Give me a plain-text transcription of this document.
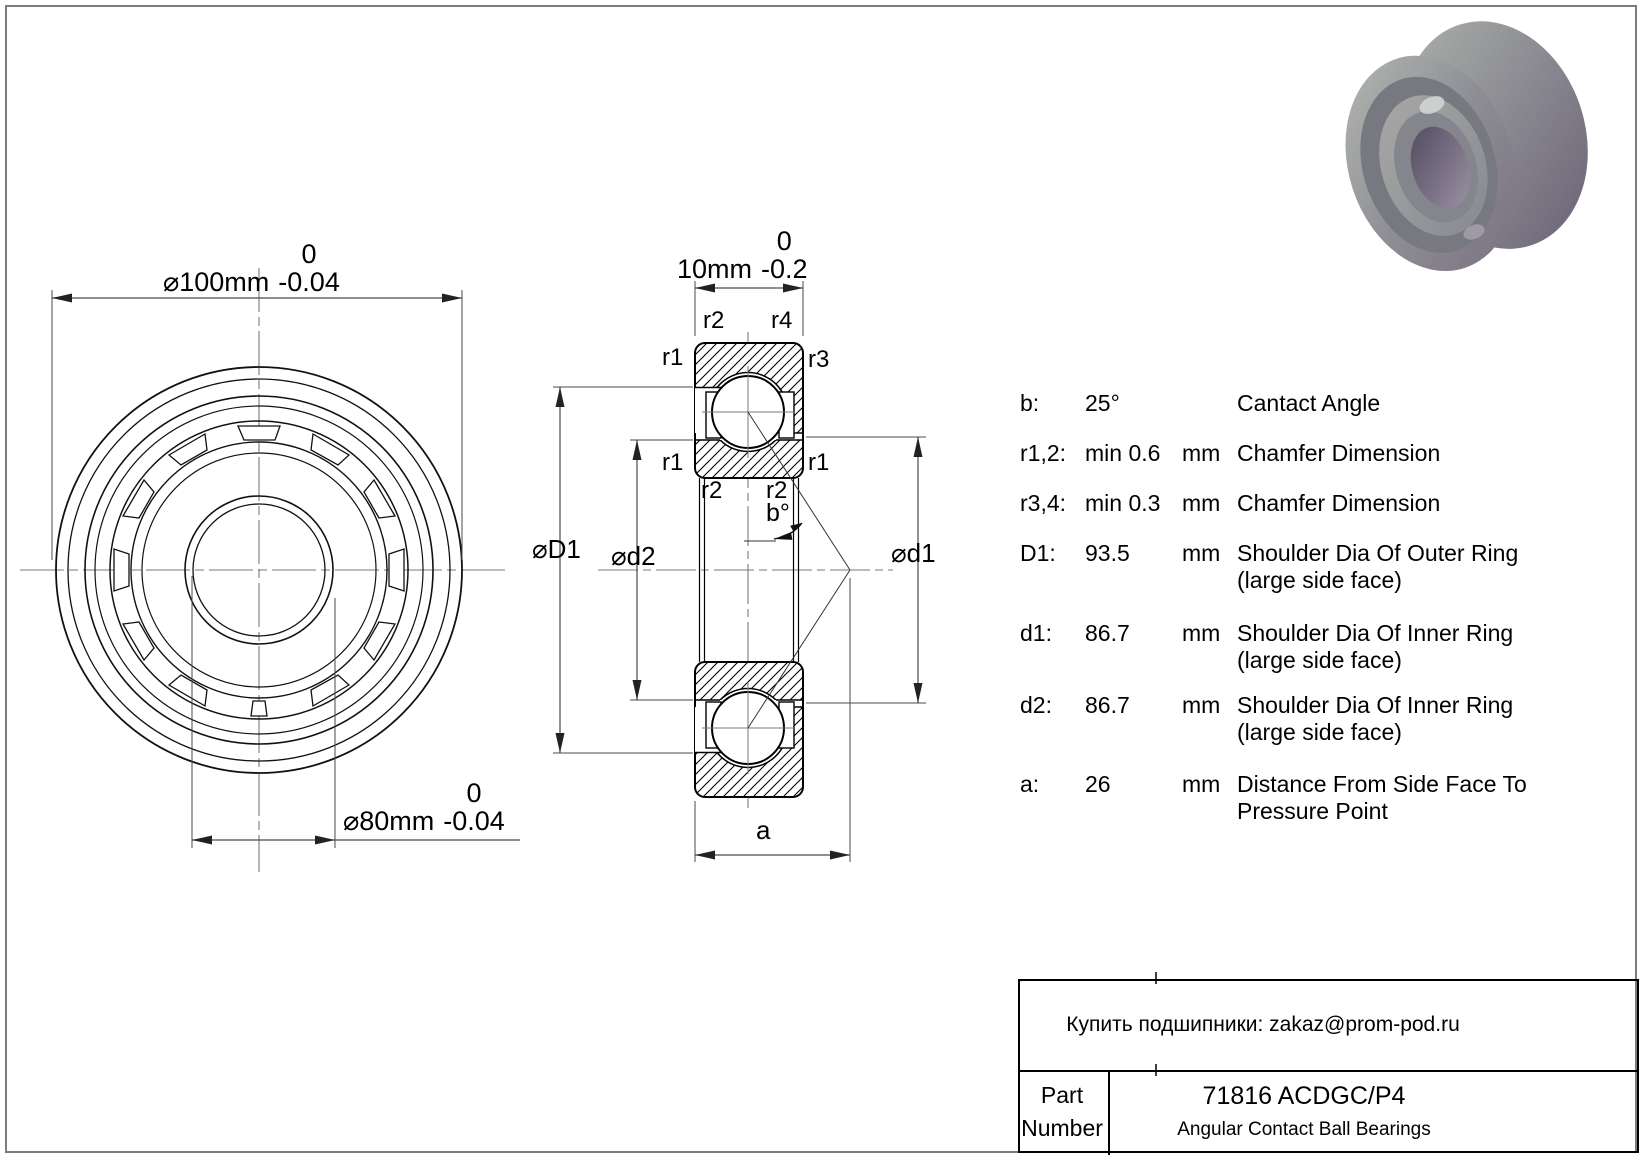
⌀100mm
0
-0.04
⌀80mm
0
-0.04
10mm
0
-0.2
r2 r4
r1	r3
r1	r1
r2 r2
b°
⌀D1 ⌀d2	⌀d1
a
b: 25°	Cantact Angle
r1,2: min 0.6 mm Chamfer Dimension
r3,4: min 0.3 mm Chamfer Dimension
D1: 93.5 mm Shoulder Dia Of Outer Ring
(large side face)
d1: 86.7 mm Shoulder Dia Of Inner Ring
(large side face)
d2: 86.7 mm Shoulder Dia Of Inner Ring
(large side face)
a: 26	mm Distance From Side Face To
Pressure Point
Купить подшипники: zakaz@prom-pod.ru
Part
Number
71816 ACDGC/P4
Angular Contact Ball Bearings
